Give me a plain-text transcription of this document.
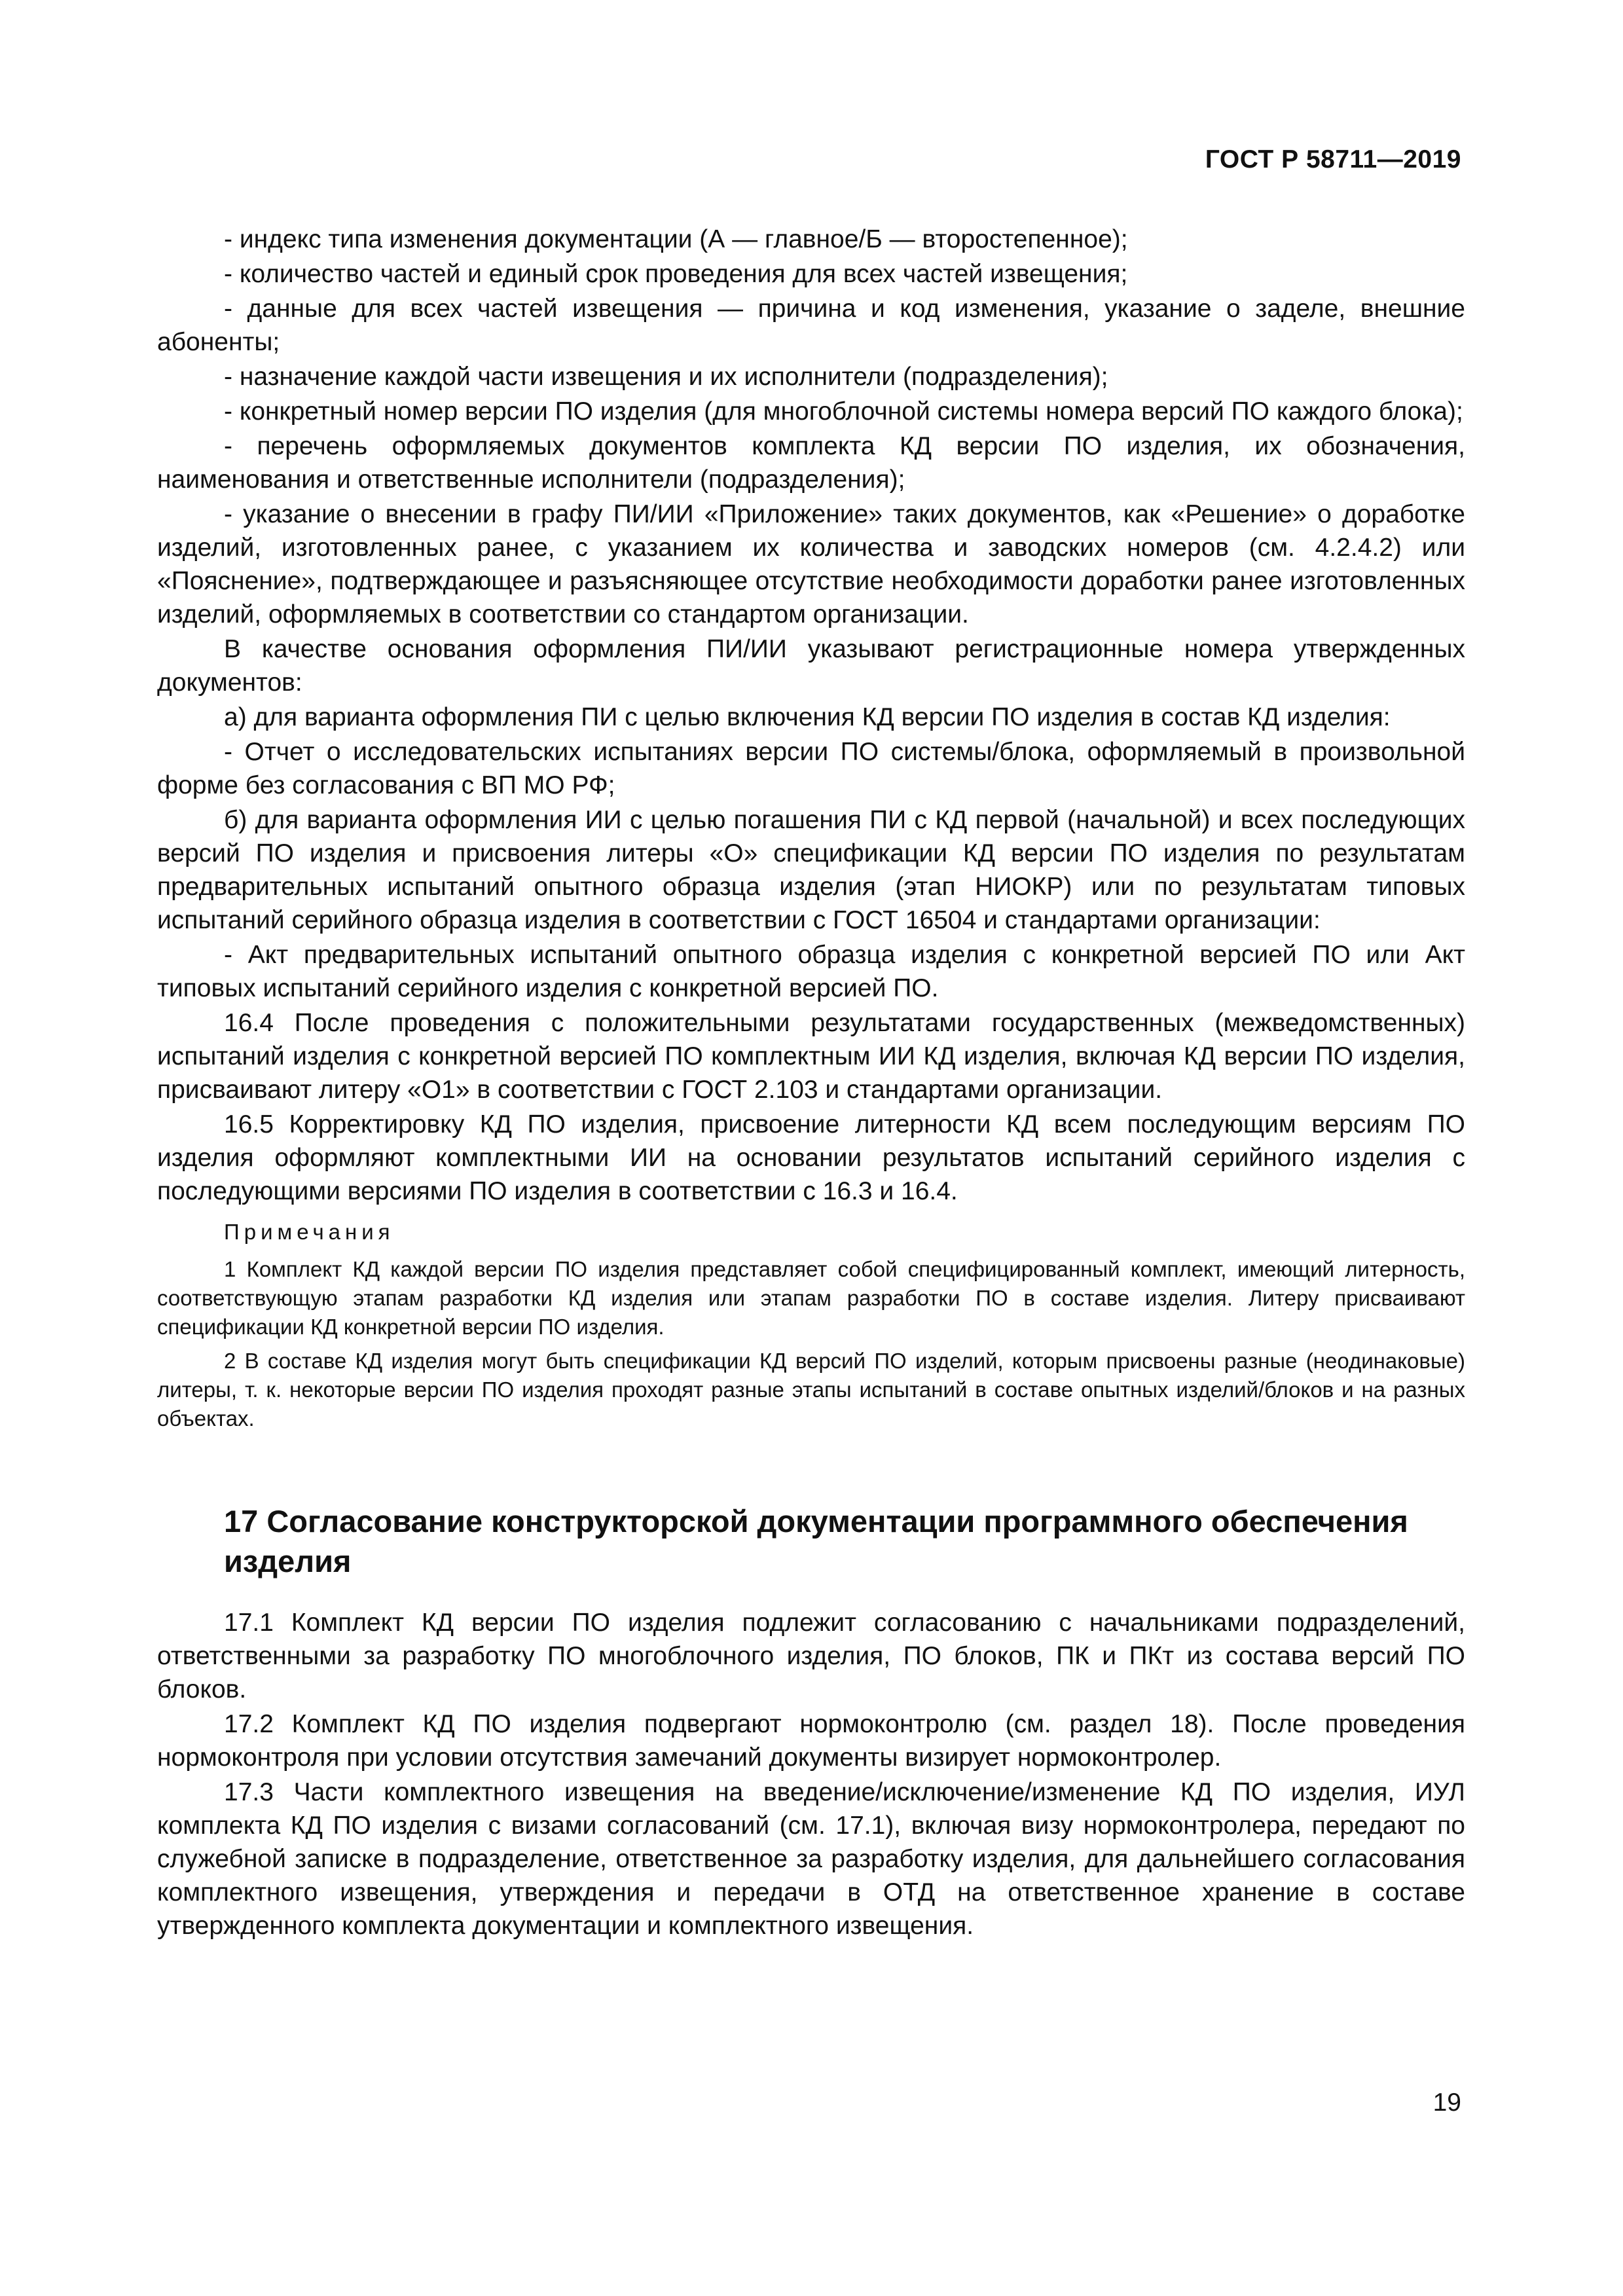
ГОСТ Р 58711—2019

- индекс типа изменения документации (А — главное/Б — второстепенное);

- количество частей и единый срок проведения для всех частей извещения;

- данные для всех частей извещения — причина и код изменения, указание о заделе, внешние абоненты;

- назначение каждой части извещения и их исполнители (подразделения);

- конкретный номер версии ПО изделия (для многоблочной системы номера версий ПО каждого блока);

- перечень оформляемых документов комплекта КД версии ПО изделия, их обозначения, наименования и ответственные исполнители (подразделения);

- указание о внесении в графу ПИ/ИИ «Приложение» таких документов, как «Решение» о доработке изделий, изготовленных ранее, с указанием их количества и заводских номеров (см. 4.2.4.2) или «Пояснение», подтверждающее и разъясняющее отсутствие необходимости доработки ранее изготовленных изделий, оформляемых в соответствии со стандартом организации.

В качестве основания оформления ПИ/ИИ указывают регистрационные номера утвержденных документов:

а) для варианта оформления ПИ с целью включения КД версии ПО изделия в состав КД изделия:

- Отчет о исследовательских испытаниях версии ПО системы/блока, оформляемый в произвольной форме без согласования с ВП МО РФ;

б) для варианта оформления ИИ с целью погашения ПИ с КД первой (начальной) и всех последующих версий ПО изделия и присвоения литеры «О» спецификации КД версии ПО изделия по результатам предварительных испытаний опытного образца изделия (этап НИОКР) или по результатам типовых испытаний серийного образца изделия в соответствии с ГОСТ 16504 и стандартами организации:

- Акт предварительных испытаний опытного образца изделия с конкретной версией ПО или Акт типовых испытаний серийного изделия с конкретной версией ПО.

16.4 После проведения с положительными результатами государственных (межведомственных) испытаний изделия с конкретной версией ПО комплектным ИИ КД изделия, включая КД версии ПО изделия, присваивают литеру «О1» в соответствии с ГОСТ 2.103 и стандартами организации.

16.5 Корректировку КД ПО изделия, присвоение литерности КД всем последующим версиям ПО изделия оформляют комплектными ИИ на основании результатов испытаний серийного изделия с последующими версиями ПО изделия в соответствии с 16.3 и 16.4.

Примечания

1 Комплект КД каждой версии ПО изделия представляет собой специфицированный комплект, имеющий литерность, соответствующую этапам разработки КД изделия или этапам разработки ПО в составе изделия. Литеру присваивают спецификации КД конкретной версии ПО изделия.

2 В составе КД изделия могут быть спецификации КД версий ПО изделий, которым присвоены разные (неодинаковые) литеры, т. к. некоторые версии ПО изделия проходят разные этапы испытаний в составе опытных изделий/блоков и на разных объектах.

17 Согласование конструкторской документации программного обеспечения изделия

17.1 Комплект КД версии ПО изделия подлежит согласованию с начальниками подразделений, ответственными за разработку ПО многоблочного изделия, ПО блоков, ПК и ПКт из состава версий ПО блоков.

17.2 Комплект КД ПО изделия подвергают нормоконтролю (см. раздел 18). После проведения нормоконтроля при условии отсутствия замечаний документы визирует нормоконтролер.

17.3 Части комплектного извещения на введение/исключение/изменение КД ПО изделия, ИУЛ комплекта КД ПО изделия с визами согласований (см. 17.1), включая визу нормоконтролера, передают по служебной записке в подразделение, ответственное за разработку изделия, для дальнейшего согласования комплектного извещения, утверждения и передачи в ОТД на ответственное хранение в составе утвержденного комплекта документации и комплектного извещения.

19
